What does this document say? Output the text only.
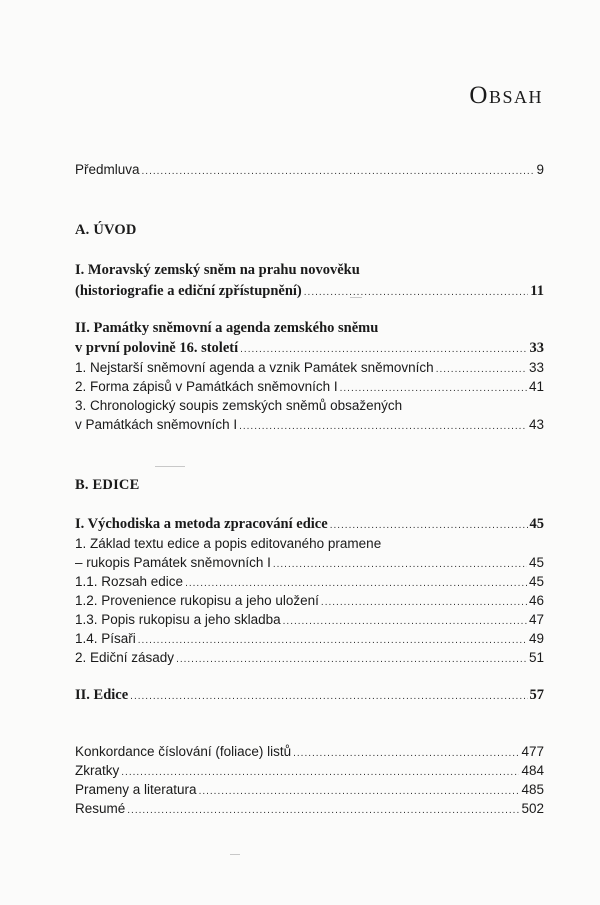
Obsah
Předmluva .....	9
A. ÚVOD
I. Moravský zemský sněm na prahu novověku
(historiografie a ediční zpřístupnění) .....	11
II. Památky sněmovní a agenda zemského sněmu
v první polovině 16. století .....	33
1. Nejstarší sněmovní agenda a vznik Památek sněmovních .....	33
2. Forma zápisů v Památkách sněmovních I .....	41
3. Chronologický soupis zemských sněmů obsažených
v Památkách sněmovních I .....	43
B. EDICE
I. Východiska a metoda zpracování edice .....	45
1. Základ textu edice a popis editovaného pramene
– rukopis Památek sněmovních I .....	45
1.1. Rozsah edice .....	45
1.2. Provenience rukopisu a jeho uložení .....	46
1.3. Popis rukopisu a jeho skladba .....	47
1.4. Písaři .....	49
2. Ediční zásady .....	51
II. Edice .....	57
Konkordance číslování (foliace) listů .....	477
Zkratky .....	484
Prameny a literatura .....	485
Resumé .....	502
